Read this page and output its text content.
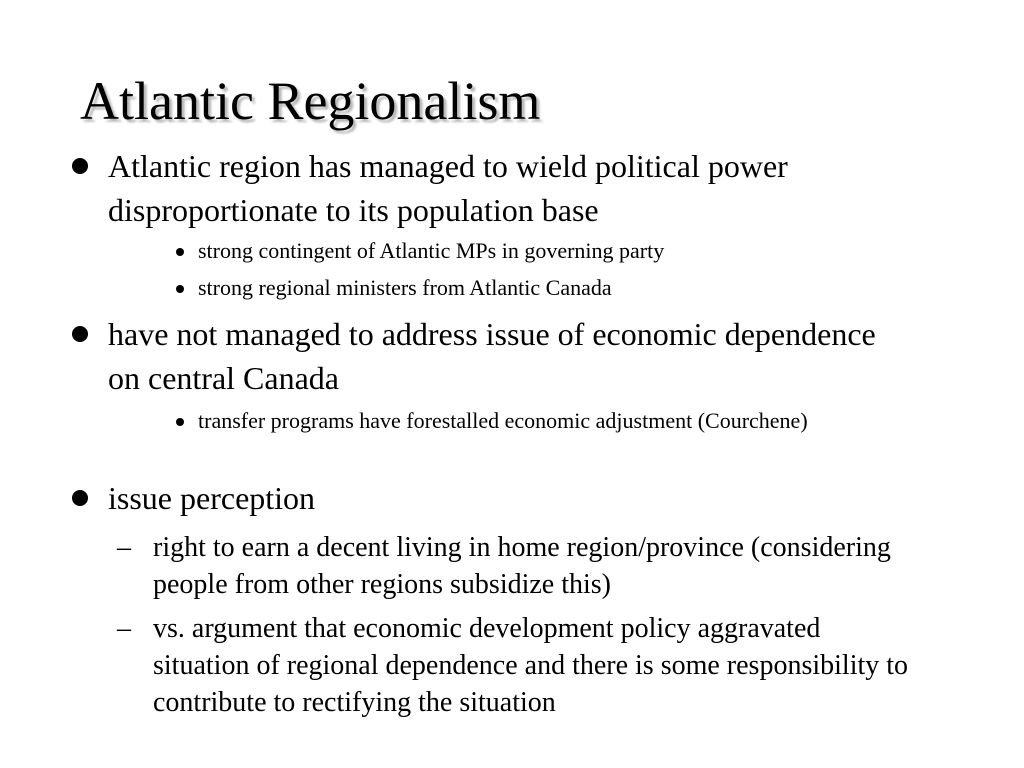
Atlantic Regionalism
Atlantic region has managed to wield political power disproportionate to its population base
strong contingent of Atlantic MPs in governing party
strong regional ministers from Atlantic Canada
have not managed to address issue of economic dependence on central Canada
transfer programs have forestalled economic adjustment (Courchene)
issue perception
– right to earn a decent living in home region/province (considering people from other regions subsidize this)
– vs. argument that economic development policy aggravated situation of regional dependence and there is some responsibility to contribute to rectifying the situation
